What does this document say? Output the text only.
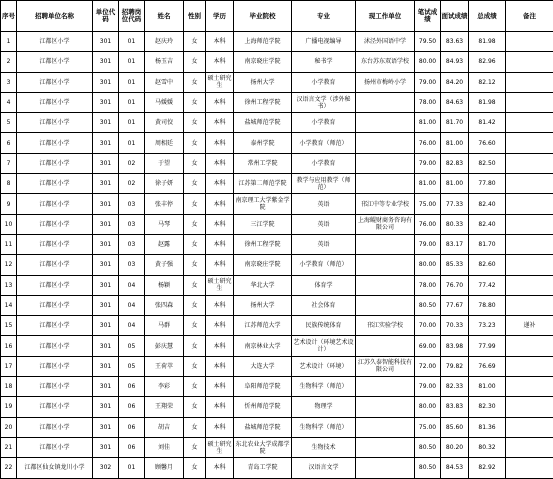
序号	招聘单位名称	单位代码	招聘岗位代码	姓名	性别	学历	毕业院校	专业	现工作单位	笔试成绩	面试成绩	总成绩	备注
1	江都区小学	301	01	赵庆玲	女	本科	上海师范学院	广播电视编导	沭泾外国语中学	79.50	83.63	81.98	
2	江都区小学	301	01	杨玉吉	女	本科	南京晓庄学院	秘书学	东台苏东双语学校	80.00	84.93	82.96	
3	江都区小学	301	01	赵雪中	女	硕士研究生	扬州大学	小学教育	扬州市梅岭小学	79.00	84.20	82.12	
4	江都区小学	301	01	马媛媛	女	本科	徐州工程学院	汉语言文学（涉外秘书）		78.00	84.63	81.98	
5	江都区小学	301	01	黄司佼	女	本科	盐城师范学院	小学教育		81.00	81.70	81.42	
6	江都区小学	301	01	周相廷	女	本科	泰州学院	小学教育（师范）		76.00	81.00	76.60	
7	江都区小学	301	02	于望	女	本科	常州工学院	小学教育		79.00	82.83	82.50	
8	江都区小学	301	02	徐子妍	女	本科	江苏第二师范学院	教学与应用教学（师范）		81.00	81.00	77.80	
9	江都区小学	301	03	张丰停	女	本科	南京理工大学紫金学院	英语	邗江中等专业学校	75.00	77.33	82.40	
10	江都区小学	301	03	马琴	女	本科	三江学院	英语	上海鲲财商务咨询有限公司	76.00	80.33	82.40	
11	江都区小学	301	03	赵露	女	本科	徐州工程学院	英语		79.00	83.17	81.70	
12	江都区小学	301	03	黄子强	女	本科	南京晓庄学院	小学教育（师范）		80.00	85.33	82.60	
13	江都区小学	301	04	杨颖	女	硕士研究生	华北大学	体育学		78.00	76.70	77.42	
14	江都区小学	301	04	张四森	女	本科	扬州大学	社会体育		80.50	77.67	78.80	
15	江都区小学	301	04	马群	女	本科	江苏师范大学	民族传统体育	邗江实验学校	70.00	70.33	73.23	递补
16	江都区小学	301	05	彭庆慧	女	本科	南京林业大学	艺术设计（环境艺术设计）		69.00	83.98	77.99	
17	江都区小学	301	05	王荷萃	女	本科	大连大学	艺术设计（环境）	江苏久泰智能科技有限公司	72.00	79.82	76.69	
18	江都区小学	301	06	李彩	女	本科	阜阳师范学院	生物科学（师范）		79.00	82.33	81.00	
19	江都区小学	301	06	王翔荣	女	本科	忻州师范学院	物理学		80.00	83.83	82.30	
20	江都区小学	301	06	胡吉	女	本科	盐城师范学院	生物科学（师范）		75.00	85.60	81.36	
21	江都区小学	301	06	刘佳	女	硕士研究生	东北农业大学成都学院	生物技术		80.50	80.20	80.32	
22	江都区仙女镇龙川小学	302	01	顾馨月	女	本科	青岛工学院	汉语言文学		80.50	84.53	82.92	
